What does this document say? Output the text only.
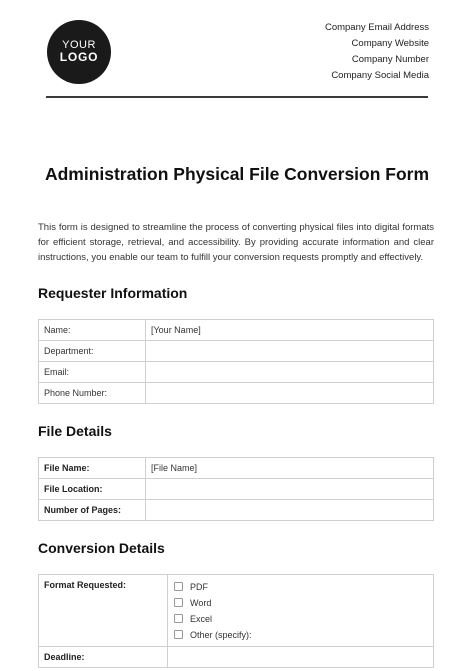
YOUR
LOGO
Company Email Address
Company Website
Company Number
Company Social Media
Administration Physical File Conversion Form
This form is designed to streamline the process of converting physical files into digital formats for efficient storage, retrieval, and accessibility. By providing accurate information and clear instructions, you enable our team to fulfill your conversion requests promptly and effectively.
Requester Information
Name:	[Your Name]
Department:	
Email:	
Phone Number:	
File Details
File Name:	[File Name]
File Location:	
Number of Pages:	
Conversion Details
Format Requested:	PDF
Word
Excel
Other (specify):

Deadline:	
